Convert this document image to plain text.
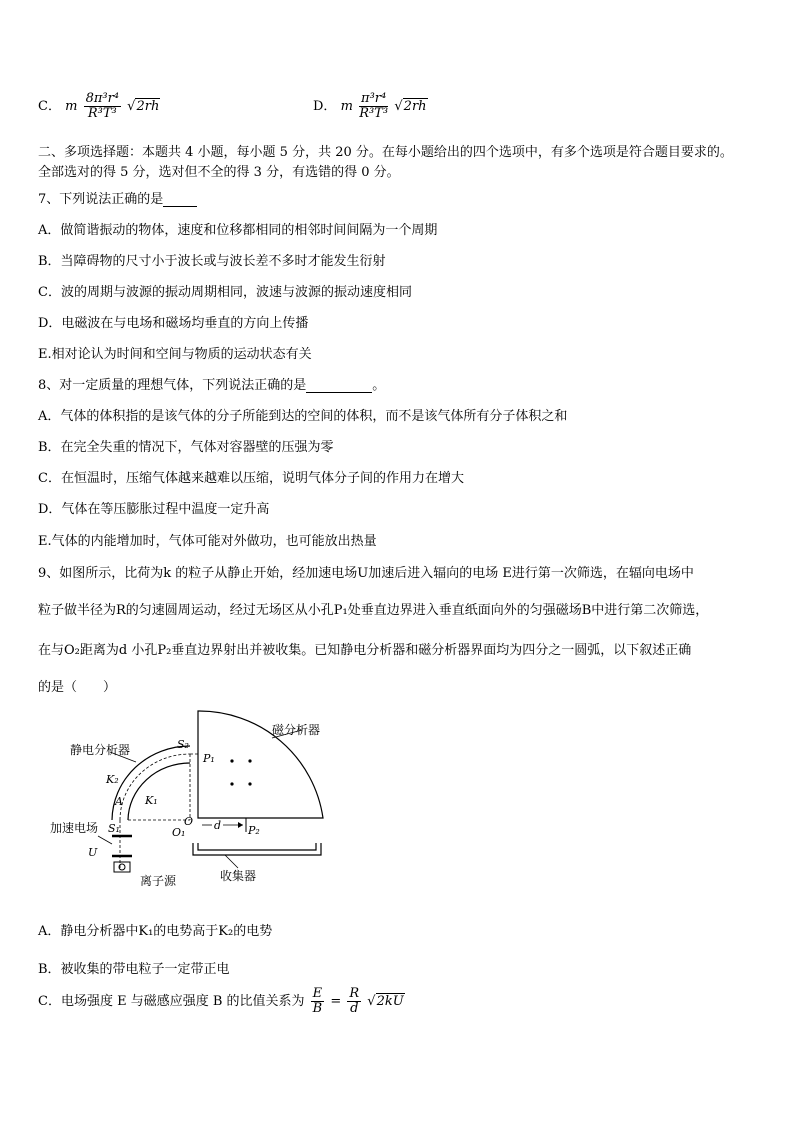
C． m $\frac{\text{8π³r⁴}}{\text{R³T³}} √2rh$	D． m $\frac{\text{π³r⁴}}{\text{R³T³}} √2rh$
二、多项选择题：本题共 4 小题，每小题 5 分，共 20 分。在每小题给出的四个选项中，有多个选项是符合题目要求的。
全部选对的得 5 分，选对但不全的得 3 分，有选错的得 0 分。
7、下列说法正确的是
A．做简谐振动的物体，速度和位移都相同的相邻时间间隔为一个周期
B．当障碍物的尺寸小于波长或与波长差不多时才能发生衍射
C．波的周期与波源的振动周期相同，波速与波源的振动速度相同
D．电磁波在与电场和磁场均垂直的方向上传播
E.相对论认为时间和空间与物质的运动状态有关
8、对一定质量的理想气体，下列说法正确的是	。
A．气体的体积指的是该气体的分子所能到达的空间的体积，而不是该气体所有分子体积之和
B．在完全失重的情况下，气体对容器壁的压强为零
C．在恒温时，压缩气体越来越难以压缩，说明气体分子间的作用力在增大
D．气体在等压膨胀过程中温度一定升高
E.气体的内能增加时，气体可能对外做功，也可能放出热量
9、如图所示，比荷为k 的粒子从静止开始，经加速电场U加速后进入辐向的电场 E进行第一次筛选，在辐向电场中
粒子做半径为R的匀速圆周运动，经过无场区从小孔P₁处垂直边界进入垂直纸面向外的匀强磁场B中进行第二次筛选，
在与O₂距离为d 小孔P₂垂直边界射出并被收集。已知静电分析器和磁分析器界面均为四分之一圆弧，以下叙述正确
的是（　　）
磁分析器
P₁
静电分析器	S₂
K₂
K₁
A
S₁	O₁
O d P₂
加速电场
U
离子源	收集器
A．静电分析器中K₁的电势高于K₂的电势
B．被收集的带电粒子一定带正电
C．电场强度 E 与磁感应强度 B 的比值关系为 $\frac{E}{B} = \frac{R}{d} √2kU$
